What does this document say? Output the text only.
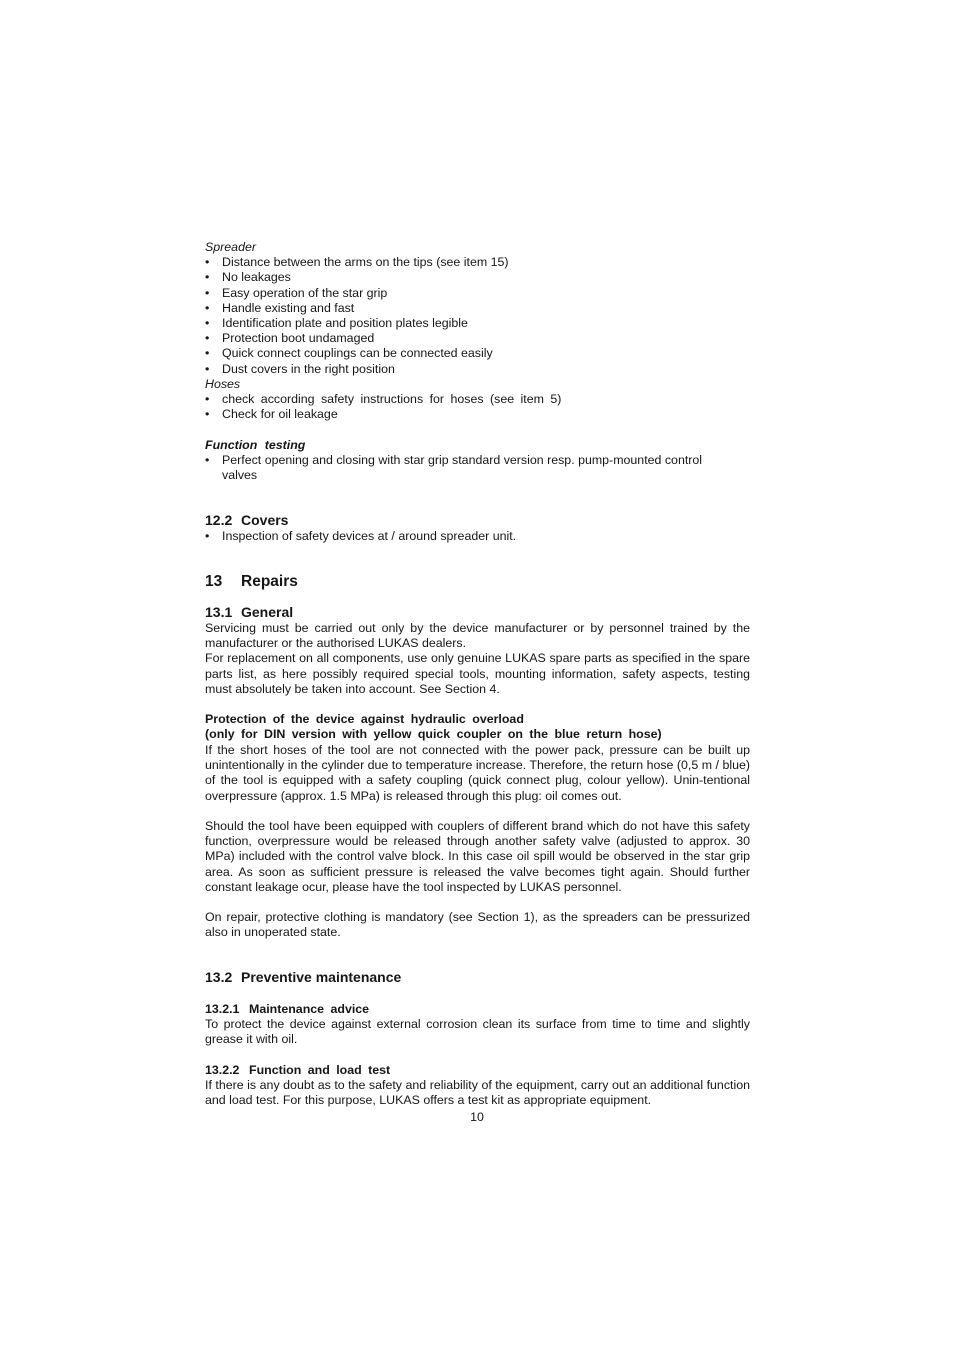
Spreader
• Distance between the arms on the tips (see item 15)
• No leakages
• Easy operation of the star grip
• Handle existing and fast
• Identification plate and position plates legible
• Protection boot undamaged
• Quick connect couplings can be connected easily
• Dust covers in the right position
Hoses
• check according safety instructions for hoses (see item 5)
• Check for oil leakage
Function testing
• Perfect opening and closing with star grip standard version resp. pump-mounted control
valves
12.2 Covers
• Inspection of safety devices at / around spreader unit.
13 Repairs
13.1 General
Servicing must be carried out only by the device manufacturer or by personnel trained by the
manufacturer or the authorised LUKAS dealers.
For replacement on all components, use only genuine LUKAS spare parts as specified in the spare
parts list, as here possibly required special tools, mounting information, safety aspects, testing
must absolutely be taken into account. See Section 4.
Protection of the device against hydraulic overload
(only for DIN version with yellow quick coupler on the blue return hose)
If the short hoses of the tool are not connected with the power pack, pressure can be built up
unintentionally in the cylinder due to temperature increase. Therefore, the return hose (0,5 m / blue)
of the tool is equipped with a safety coupling (quick connect plug, colour yellow). Unin-tentional
overpressure (approx. 1.5 MPa) is released through this plug: oil comes out.
Should the tool have been equipped with couplers of different brand which do not have this safety
function, overpressure would be released through another safety valve (adjusted to approx. 30
MPa) included with the control valve block. In this case oil spill would be observed in the star grip
area. As soon as sufficient pressure is released the valve becomes tight again. Should further
constant leakage ocur, please have the tool inspected by LUKAS personnel.
On repair, protective clothing is mandatory (see Section 1), as the spreaders can be pressurized
also in unoperated state.
13.2 Preventive maintenance
13.2.1 Maintenance advice
To protect the device against external corrosion clean its surface from time to time and slightly
grease it with oil.
13.2.2 Function and load test
If there is any doubt as to the safety and reliability of the equipment, carry out an additional function
and load test. For this purpose, LUKAS offers a test kit as appropriate equipment.
10
